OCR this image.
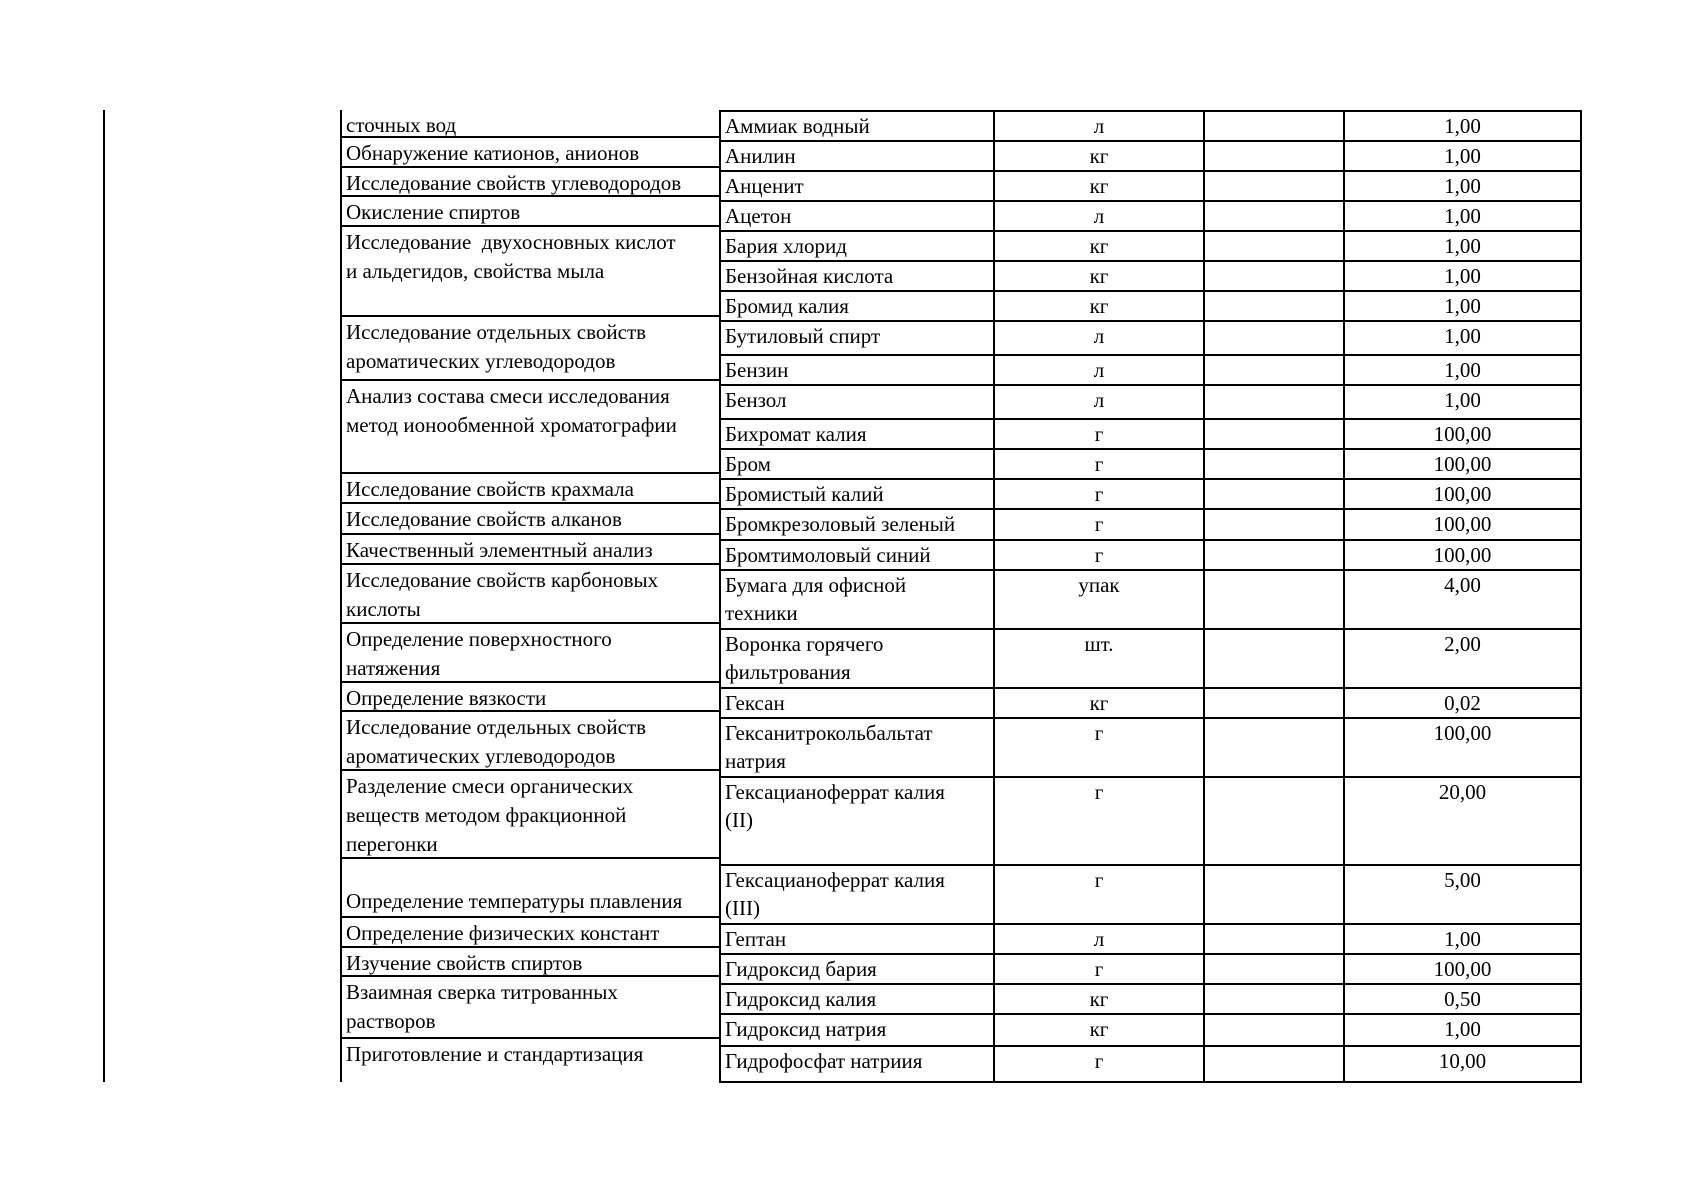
сточных вод
Обнаружение катионов, анионов
Исследование свойств углеводородов
Окисление спиртов
Исследование  двухосновных кислот
и альдегидов, свойства мыла
Исследование отдельных свойств
ароматических углеводородов
Анализ состава смеси исследования
метод ионообменной хроматографии
Исследование свойств крахмала
Исследование свойств алканов
Качественный элементный анализ
Исследование свойств карбоновых
кислоты
Определение поверхностного
натяжения
Определение вязкости
Исследование отдельных свойств
ароматических углеводородов
Разделение смеси органических
веществ методом фракционной
перегонки
Определение температуры плавления
Определение физических констант
Изучение свойств спиртов
Взаимная сверка титрованных
растворов
Приготовление и стандартизация
Аммиак водный	л		1,00
Анилин	кг		1,00
Анценит	кг		1,00
Ацетон	л		1,00
Бария хлорид	кг		1,00
Бензойная кислота	кг		1,00
Бромид калия	кг		1,00
Бутиловый спирт	л		1,00
Бензин	л		1,00
Бензол	л		1,00
Бихромат калия	г		100,00
Бром	г		100,00
Бромистый калий	г		100,00
Бромкрезоловый зеленый	г		100,00
Бромтимоловый синий	г		100,00
Бумага для офисной
техники	упак		4,00
Воронка горячего
фильтрования	шт.		2,00
Гексан	кг		0,02
Гексанитрокольбальтат
натрия	г		100,00
Гексацианоферрат калия
(II)	г		20,00
Гексацианоферрат калия
(III)	г		5,00
Гептан	л		1,00
Гидроксид бария	г		100,00
Гидроксид калия	кг		0,50
Гидроксид натрия	кг		1,00
Гидрофосфат натриия	г		10,00
